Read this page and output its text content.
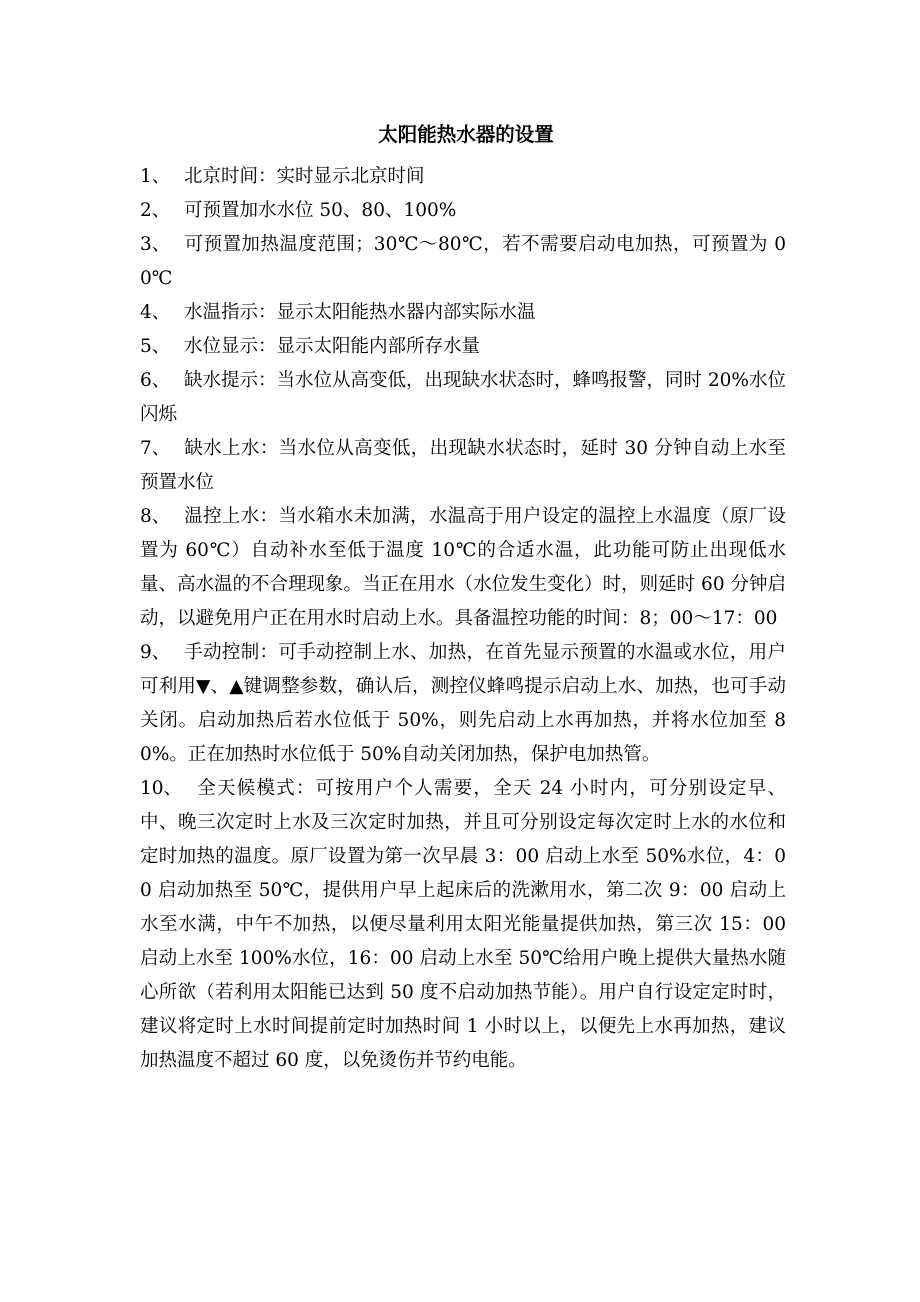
太阳能热水器的设置

1、 北京时间：实时显示北京时间

2、 可预置加水水位 50、80、100%

3、 可预置加热温度范围；30℃～80℃，若不需要启动电加热，可预置为 00℃

4、 水温指示：显示太阳能热水器内部实际水温

5、 水位显示：显示太阳能内部所存水量

6、 缺水提示：当水位从高变低，出现缺水状态时，蜂鸣报警，同时 20%水位闪烁

7、 缺水上水：当水位从高变低，出现缺水状态时，延时 30 分钟自动上水至预置水位

8、 温控上水：当水箱水未加满，水温高于用户设定的温控上水温度（原厂设置为 60℃）自动补水至低于温度 10℃的合适水温，此功能可防止出现低水量、高水温的不合理现象。当正在用水（水位发生变化）时，则延时 60 分钟启动，以避免用户正在用水时启动上水。具备温控功能的时间：8；00～17：00

9、 手动控制：可手动控制上水、加热，在首先显示预置的水温或水位，用户可利用▼、▲键调整参数，确认后，测控仪蜂鸣提示启动上水、加热，也可手动关闭。启动加热后若水位低于 50%，则先启动上水再加热，并将水位加至 80%。正在加热时水位低于 50%自动关闭加热，保护电加热管。

10、 全天候模式：可按用户个人需要，全天 24 小时内，可分别设定早、中、晚三次定时上水及三次定时加热，并且可分别设定每次定时上水的水位和定时加热的温度。原厂设置为第一次早晨 3：00 启动上水至 50%水位，4：00 启动加热至 50℃，提供用户早上起床后的洗漱用水，第二次 9：00 启动上水至水满，中午不加热，以便尽量利用太阳光能量提供加热，第三次 15：00 启动上水至 100%水位，16：00 启动上水至 50℃给用户晚上提供大量热水随心所欲（若利用太阳能已达到 50 度不启动加热节能）。用户自行设定定时时，建议将定时上水时间提前定时加热时间 1 小时以上，以便先上水再加热，建议加热温度不超过 60 度，以免烫伤并节约电能。
